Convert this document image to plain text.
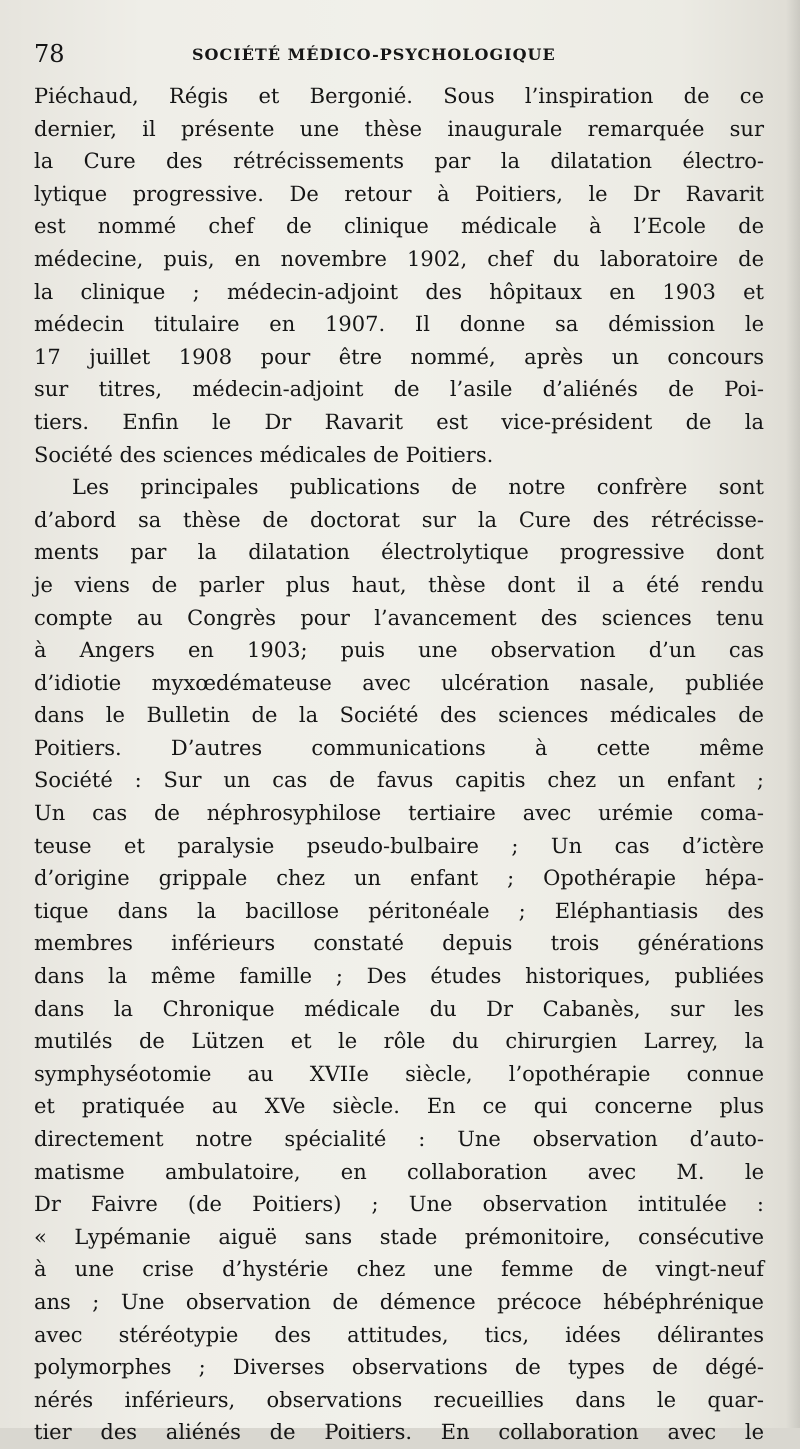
78	SOCIÉTÉ MÉDICO-PSYCHOLOGIQUE
Piéchaud, Régis et Bergonié. Sous l’inspiration de ce
dernier, il présente une thèse inaugurale remarquée sur
la Cure des rétrécissements par la dilatation électro-
lytique progressive. De retour à Poitiers, le Dr Ravarit
est nommé chef de clinique médicale à l’Ecole de
médecine, puis, en novembre 1902, chef du laboratoire de
la clinique ; médecin-adjoint des hôpitaux en 1903 et
médecin titulaire en 1907. Il donne sa démission le
17 juillet 1908 pour être nommé, après un concours
sur titres, médecin-adjoint de l’asile d’aliénés de Poi-
tiers. Enfin le Dr Ravarit est vice-président de la
Société des sciences médicales de Poitiers.
Les principales publications de notre confrère sont
d’abord sa thèse de doctorat sur la Cure des rétrécisse-
ments par la dilatation électrolytique progressive dont
je viens de parler plus haut, thèse dont il a été rendu
compte au Congrès pour l’avancement des sciences tenu
à Angers en 1903; puis une observation d’un cas
d’idiotie myxœdémateuse avec ulcération nasale, publiée
dans le Bulletin de la Société des sciences médicales de
Poitiers. D’autres communications à cette même
Société : Sur un cas de favus capitis chez un enfant ;
Un cas de néphrosyphilose tertiaire avec urémie coma-
teuse et paralysie pseudo-bulbaire ; Un cas d’ictère
d’origine grippale chez un enfant ; Opothérapie hépa-
tique dans la bacillose péritonéale ; Eléphantiasis des
membres inférieurs constaté depuis trois générations
dans la même famille ; Des études historiques, publiées
dans la Chronique médicale du Dr Cabanès, sur les
mutilés de Lützen et le rôle du chirurgien Larrey, la
symphyséotomie au XVIIe siècle, l’opothérapie connue
et pratiquée au XVe siècle. En ce qui concerne plus
directement notre spécialité : Une observation d’auto-
matisme ambulatoire, en collaboration avec M. le
Dr Faivre (de Poitiers) ; Une observation intitulée :
« Lypémanie aiguë sans stade prémonitoire, consécutive
à une crise d’hystérie chez une femme de vingt-neuf
ans ; Une observation de démence précoce hébéphrénique
avec stéréotypie des attitudes, tics, idées délirantes
polymorphes ; Diverses observations de types de dégé-
nérés inférieurs, observations recueillies dans le quar-
tier des aliénés de Poitiers. En collaboration avec le
